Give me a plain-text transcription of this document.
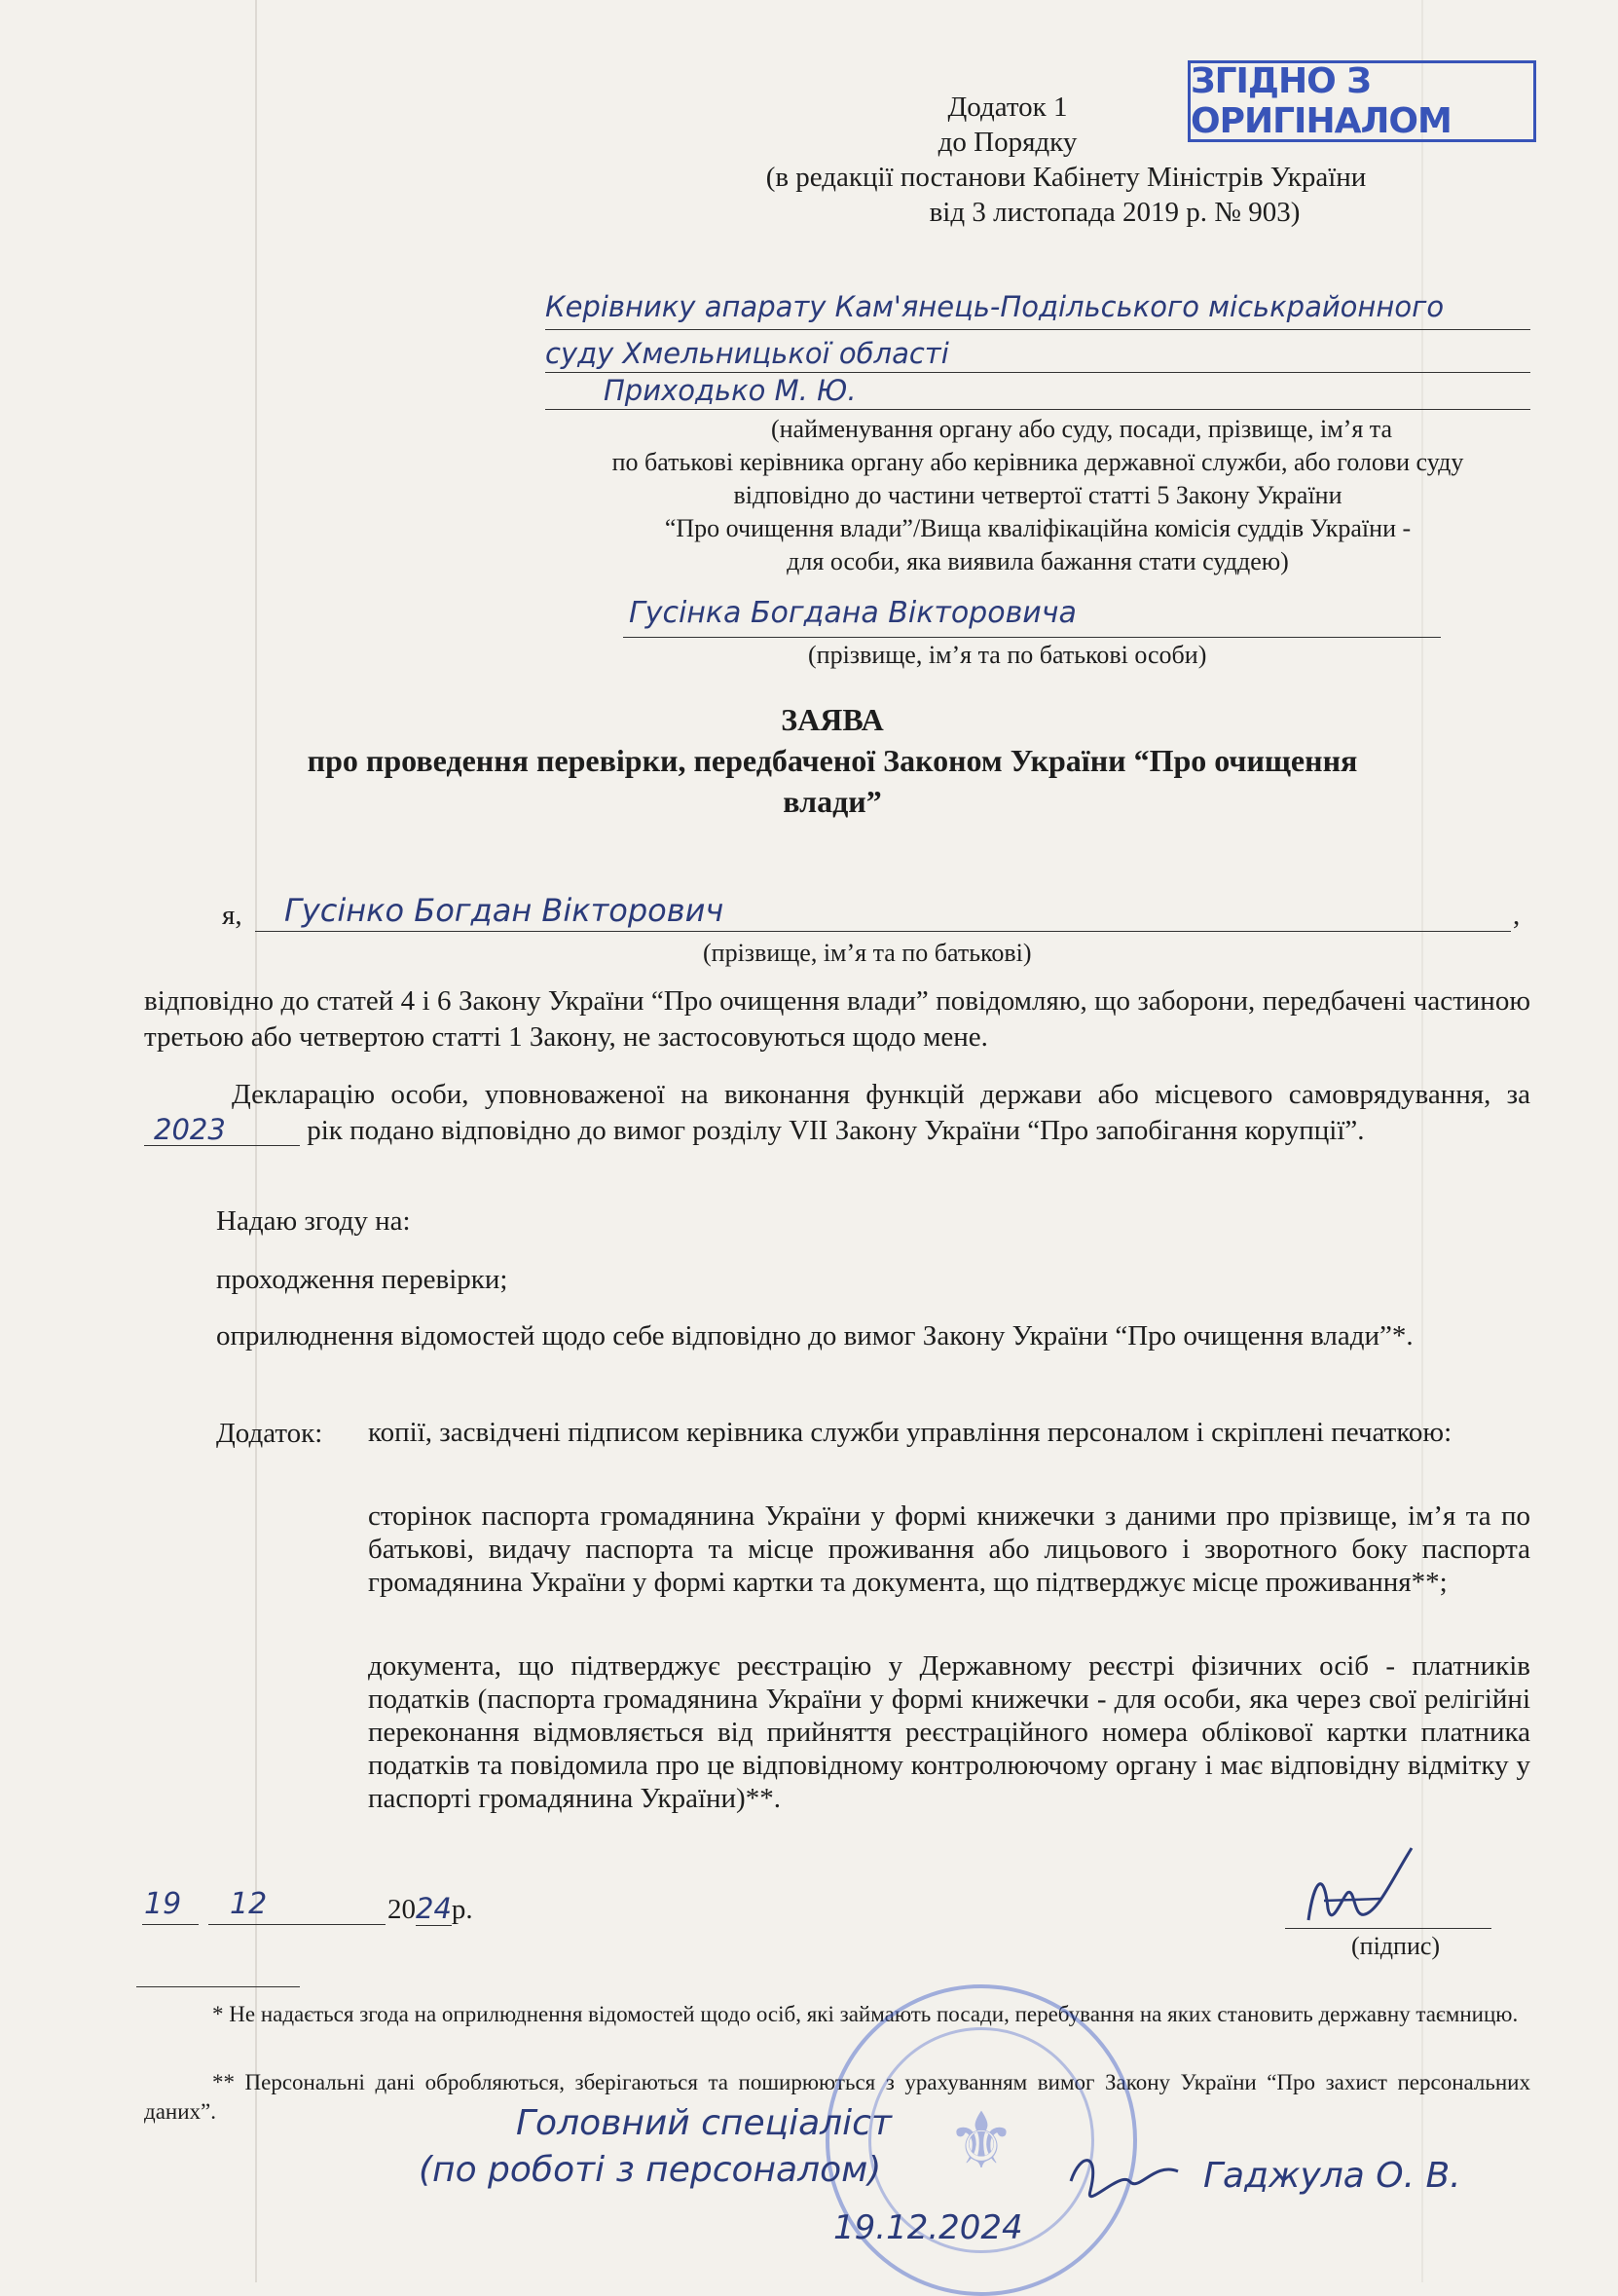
ЗГІДНО З ОРИГІНАЛОМ
Додаток 1
до Порядку
(в редакції постанови Кабінету Міністрів України
від 3 листопада 2019 р. № 903)
Керівнику апарату Кам'янець-Подільського міськрайонного
суду Хмельницької області
Приходько М. Ю.
(найменування органу або суду, посади, прізвище, ім’я та
по батькові керівника органу або керівника державної служби, або голови суду
відповідно до частини четвертої статті 5 Закону України
“Про очищення влади”/Вища кваліфікаційна комісія суддів України -
для особи, яка виявила бажання стати суддею)
Гусінка Богдана Вікторовича
(прізвище, ім’я та по батькові особи)
ЗАЯВА
про проведення перевірки, передбаченої Законом України “Про очищення
влади”
я, Гусінко Богдан Вікторович	,
(прізвище, ім’я та по батькові)
відповідно до статей 4 і 6 Закону України “Про очищення влади” повідомляю, що заборони, передбачені частиною третьою або четвертою статті 1 Закону, не застосовуються щодо мене.
Декларацію особи, уповноваженої на виконання функцій держави або місцевого самоврядування, за 2023	рік подано відповідно до вимог розділу VII Закону України “Про запобігання корупції”.
Надаю згоду на:
проходження перевірки;
оприлюднення відомостей щодо себе відповідно до вимог Закону України “Про очищення влади”*.
Додаток: копії, засвідчені підписом керівника служби управління персоналом і скріплені печаткою:
сторінок паспорта громадянина України у формі книжечки з даними про прізвище, ім’я та по батькові, видачу паспорта та місце проживання або лицьового і зворотного боку паспорта громадянина України у формі картки та документа, що підтверджує місце проживання**;
документа, що підтверджує реєстрацію у Державному реєстрі фізичних осіб - платників податків (паспорта громадянина України у формі книжечки - для особи, яка через свої релігійні переконання відмовляється від прийняття реєстраційного номера облікової картки платника податків та повідомила про це відповідному контролюючому органу і має відповідну відмітку у паспорті громадянина України)**.
19 12	2024р.
(підпис)
* Не надається згода на оприлюднення відомостей щодо осіб, які займають посади, перебування на яких становить державну таємницю.
** Персональні дані обробляються, зберігаються та поширюються з урахуванням вимог Закону України “Про захист персональних даних”.	⚜
Головний спеціаліст
(по роботі з персоналом)	Гаджула О. В.
19.12.2024
